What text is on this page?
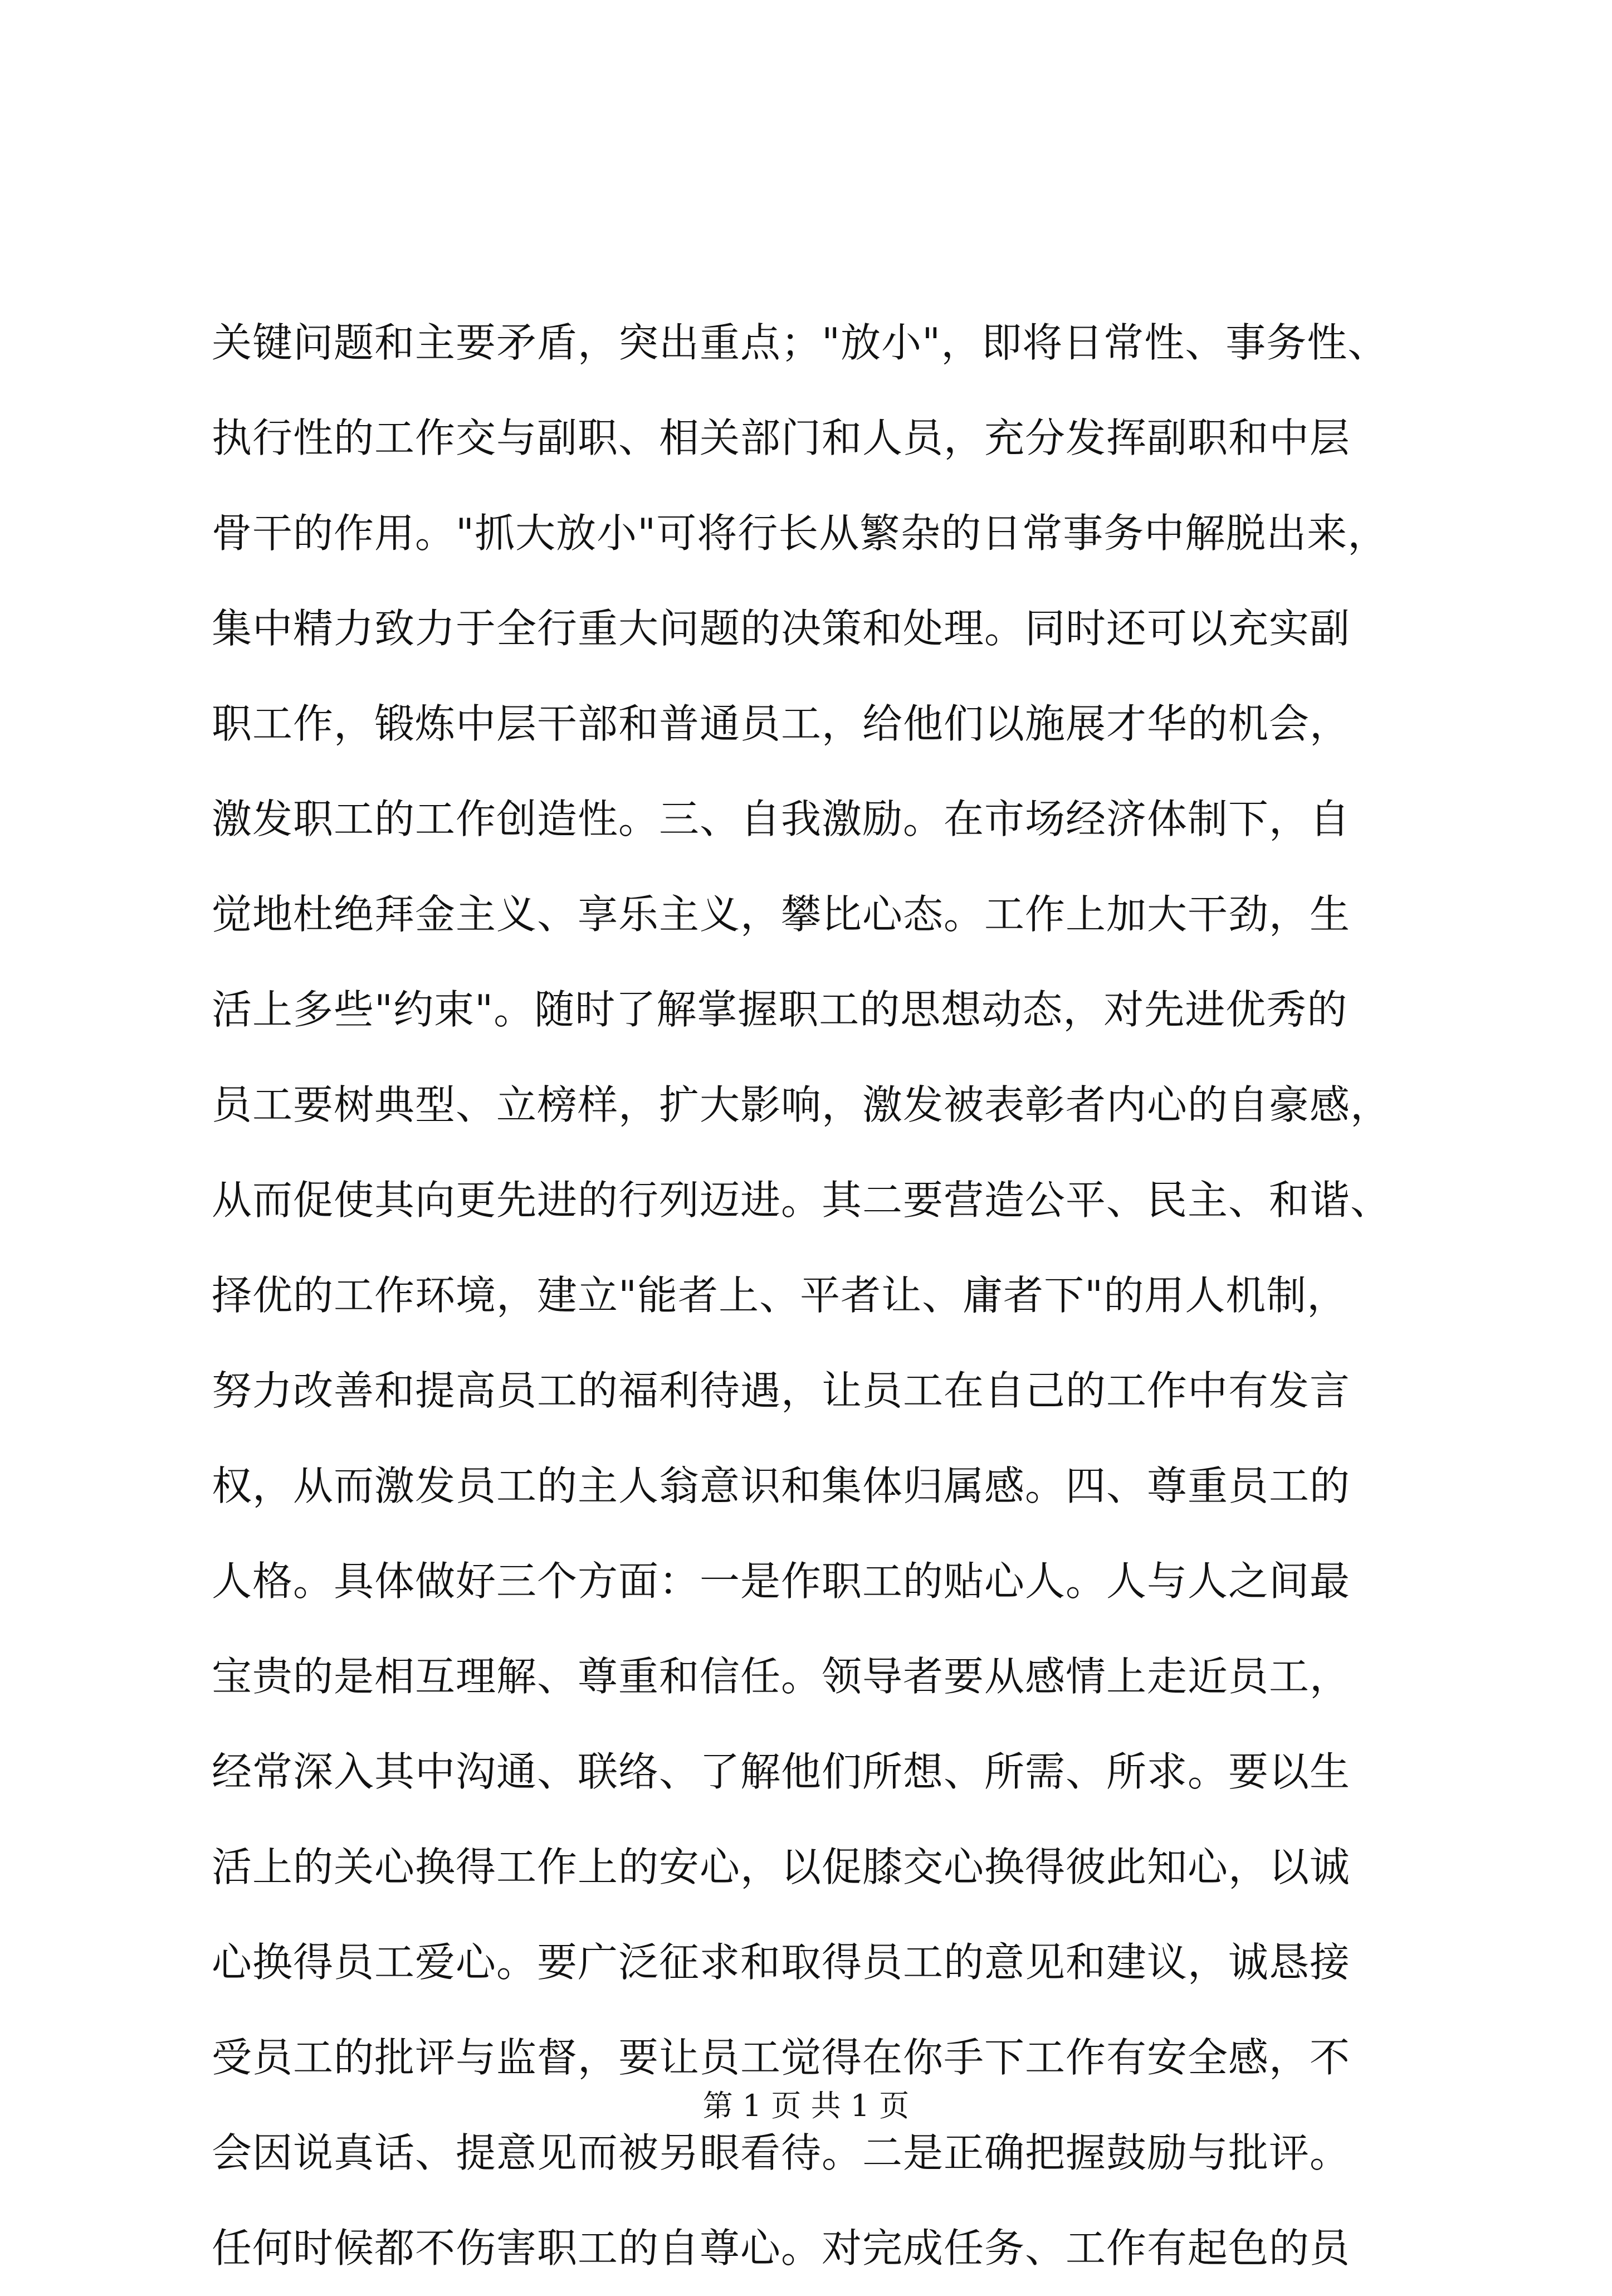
关键问题和主要矛盾，突出重点；"放小"，即将日常性、事务性、
执行性的工作交与副职、相关部门和人员，充分发挥副职和中层
骨干的作用。"抓大放小"可将行长从繁杂的日常事务中解脱出来，
集中精力致力于全行重大问题的决策和处理。同时还可以充实副
职工作，锻炼中层干部和普通员工，给他们以施展才华的机会，
激发职工的工作创造性。三、自我激励。在市场经济体制下，自
觉地杜绝拜金主义、享乐主义，攀比心态。工作上加大干劲，生
活上多些"约束"。随时了解掌握职工的思想动态，对先进优秀的
员工要树典型、立榜样，扩大影响，激发被表彰者内心的自豪感，
从而促使其向更先进的行列迈进。其二要营造公平、民主、和谐、
择优的工作环境，建立"能者上、平者让、庸者下"的用人机制，
努力改善和提高员工的福利待遇，让员工在自己的工作中有发言
权，从而激发员工的主人翁意识和集体归属感。四、尊重员工的
人格。具体做好三个方面：一是作职工的贴心人。人与人之间最
宝贵的是相互理解、尊重和信任。领导者要从感情上走近员工，
经常深入其中沟通、联络、了解他们所想、所需、所求。要以生
活上的关心换得工作上的安心，以促膝交心换得彼此知心，以诚
心换得员工爱心。要广泛征求和取得员工的意见和建议，诚恳接
受员工的批评与监督，要让员工觉得在你手下工作有安全感，不
会因说真话、提意见而被另眼看待。二是正确把握鼓励与批评。
任何时候都不伤害职工的自尊心。对完成任务、工作有起色的员
第 1 页 共 1 页
